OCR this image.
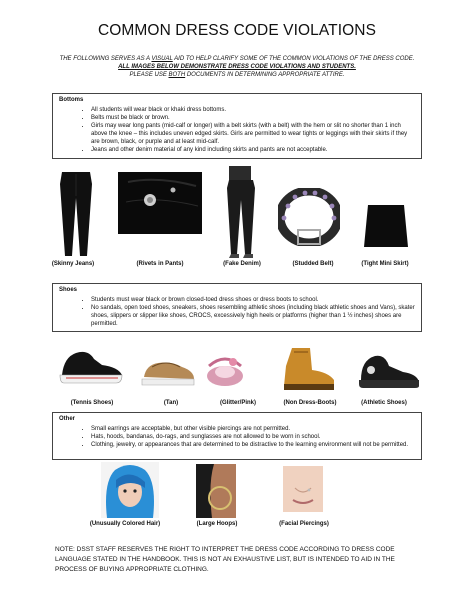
COMMON DRESS CODE VIOLATIONS
THE FOLLOWING SERVES AS A VISUAL AID TO HELP CLARIFY SOME OF THE COMMON VIOLATIONS OF THE DRESS CODE.
ALL IMAGES BELOW DEMONSTRATE DRESS CODE VIOLATIONS AND STUDENTS.
PLEASE USE BOTH DOCUMENTS IN DETERMINING APPROPRIATE ATTIRE.
Bottoms
• All students will wear black or khaki dress bottoms.
• Belts must be black or brown.
• Girls may wear long pants (mid-calf or longer) with a belt skirts (with a belt) with the hem or slit no shorter than 1 inch above the knee – this includes uneven edged skirts. Girls are permitted to wear tights or leggings with their skirts if they are brown, black, or purple and at least mid-calf.
• Jeans and other denim material of any kind including skirts and pants are not acceptable.
(Skinny Jeans)	(Rivets in Pants)	(Fake Denim)	(Studded Belt)	(Tight Mini Skirt)
Shoes
• Students must wear black or brown closed-toed dress shoes or dress boots to school.
• No sandals, open toed shoes, sneakers, shoes resembling athletic shoes (including black athletic shoes and Vans), skater shoes, slippers or slipper like shoes, CROCS, excessively high heels or platforms (higher than 1 ½ inches) shoes are permitted.
(Tennis Shoes)	(Tan)	(Glitter/Pink)	(Non Dress-Boots)	(Athletic Shoes)
Other
• Small earrings are acceptable, but other visible piercings are not permitted.
• Hats, hoods, bandanas, do-rags, and sunglasses are not allowed to be worn in school.
• Clothing, jewelry, or appearances that are determined to be distractive to the learning environment will not be permitted.
(Unusually Colored Hair)	(Large Hoops)	(Facial Piercings)
NOTE: DSST STAFF RESERVES THE RIGHT TO INTERPRET THE DRESS CODE ACCORDING TO DRESS CODE LANGUAGE STATED IN THE HANDBOOK. THIS IS NOT AN EXHAUSTIVE LIST, BUT IS INTENDED TO AID IN THE PROCESS OF BUYING APPROPRIATE CLOTHING.
